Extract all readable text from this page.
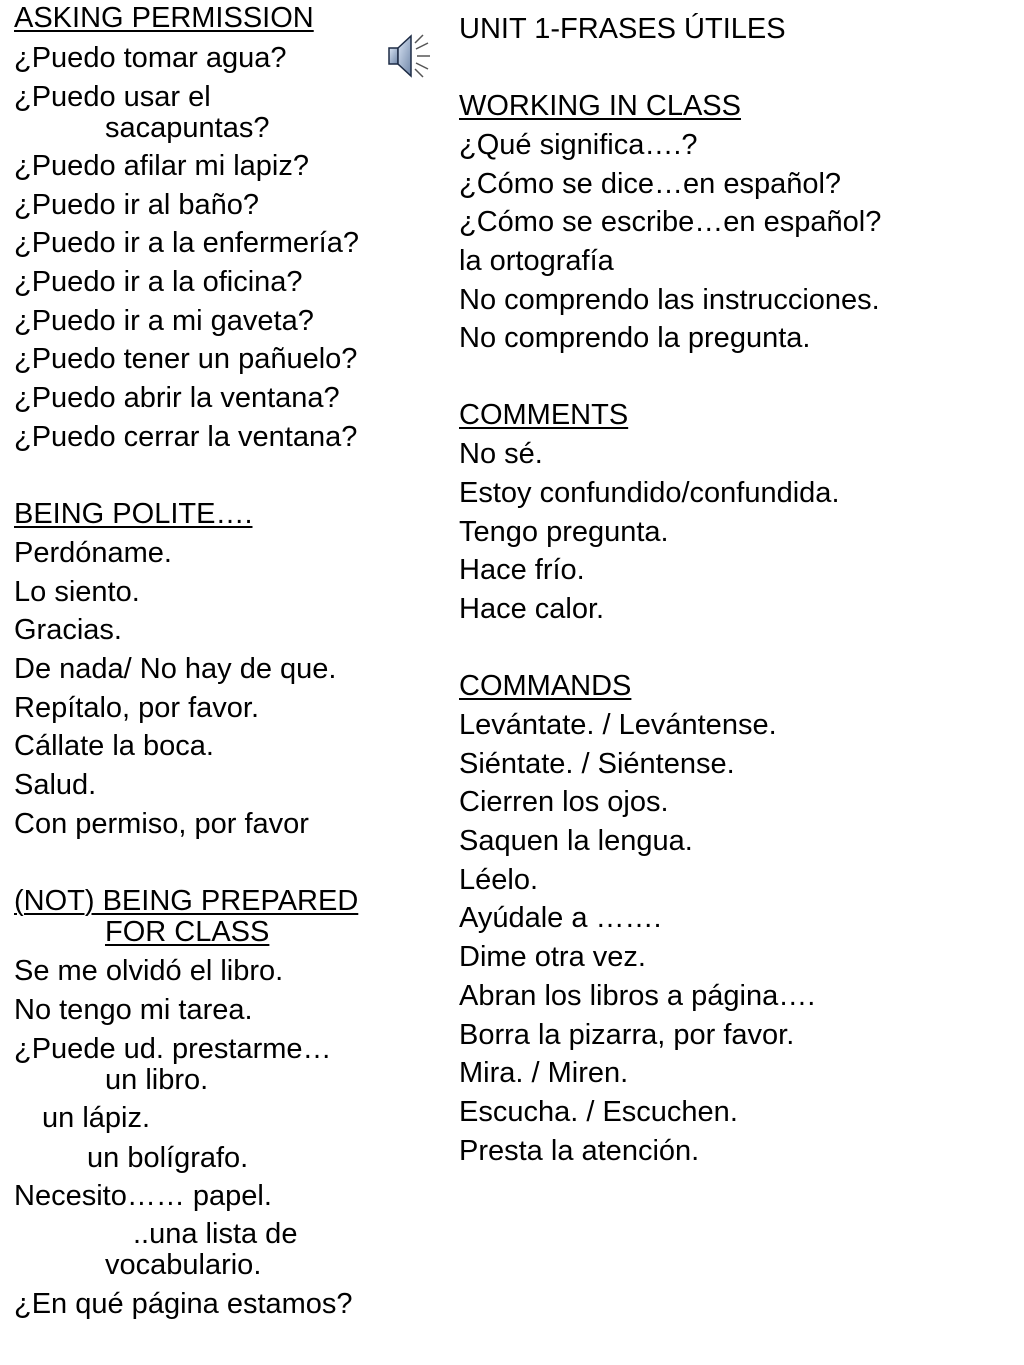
ASKING PERMISSION
¿Puedo tomar agua?
¿Puedo usar el
sacapuntas?
¿Puedo afilar mi lapiz?
¿Puedo ir al baño?
¿Puedo ir a la enfermería?
¿Puedo ir a la oficina?
¿Puedo ir a mi gaveta?
¿Puedo tener un pañuelo?
¿Puedo abrir la ventana?
¿Puedo cerrar la ventana?
BEING POLITE….
Perdóname.
Lo siento.
Gracias.
De nada/ No hay de que.
Repítalo, por favor.
Cállate la boca.
Salud.
Con permiso, por favor
(NOT) BEING PREPARED
FOR CLASS
Se me olvidó el libro.
No tengo mi tarea.
¿Puede ud. prestarme…
un libro.
un lápiz.
un bolígrafo.
Necesito…… papel.
..una lista de
vocabulario.
¿En qué página estamos?
UNIT 1-FRASES ÚTILES
WORKING IN CLASS
¿Qué significa….?
¿Cómo se dice…en español?
¿Cómo se escribe…en español?
la ortografía
No comprendo las instrucciones.
No comprendo la pregunta.
COMMENTS
No sé.
Estoy confundido/confundida.
Tengo pregunta.
Hace frío.
Hace calor.
COMMANDS
Levántate. / Levántense.
Siéntate. / Siéntense.
Cierren los ojos.
Saquen la lengua.
Léelo.
Ayúdale a …….
Dime otra vez.
Abran los libros a página….
Borra la pizarra, por favor.
Mira. / Miren.
Escucha. / Escuchen.
Presta la atención.
